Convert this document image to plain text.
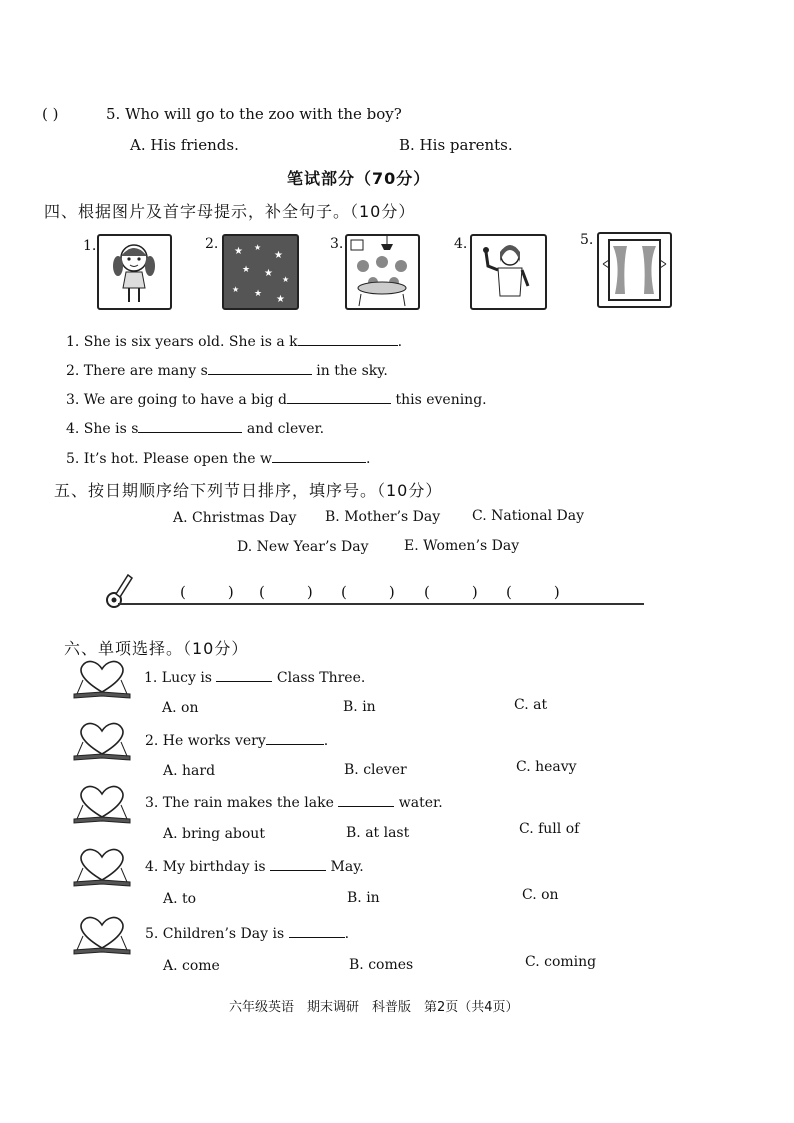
( )	5. Who will go to the zoo with the boy?
A. His friends.	B. His parents.
笔试部分（70分）
四、根据图片及首字母提示，补全句子。（10分）
1.	2. ★ ★
★
★ ★
★
★ ★ ★
3.	4.	5.
1. She is six years old. She is a k	.
2. There are many s	in the sky.
3. We are going to have a big d	this evening.
4. She is s	and clever.
5. It’s hot. Please open the w	.
五、按日期顺序给下列节日排序，填序号。（10分）
A. Christmas Day B. Mother’s Day C. National Day
D. New Year’s Day	E. Women’s Day
(	) (	) (	) (	) (	)
六、单项选择。（10分）
1. Lucy is	Class Three.
A. on	B. in	C. at
2. He works very	.
A. hard	B. clever	C. heavy
3. The rain makes the lake	water.
A. bring about	B. at last	C. full of
4. My birthday is	May.
A. to	B. in	C. on
5. Children’s Day is	.
A. come	B. comes	C. coming
六年级英语　期末调研　科普版　第2页（共4页）
